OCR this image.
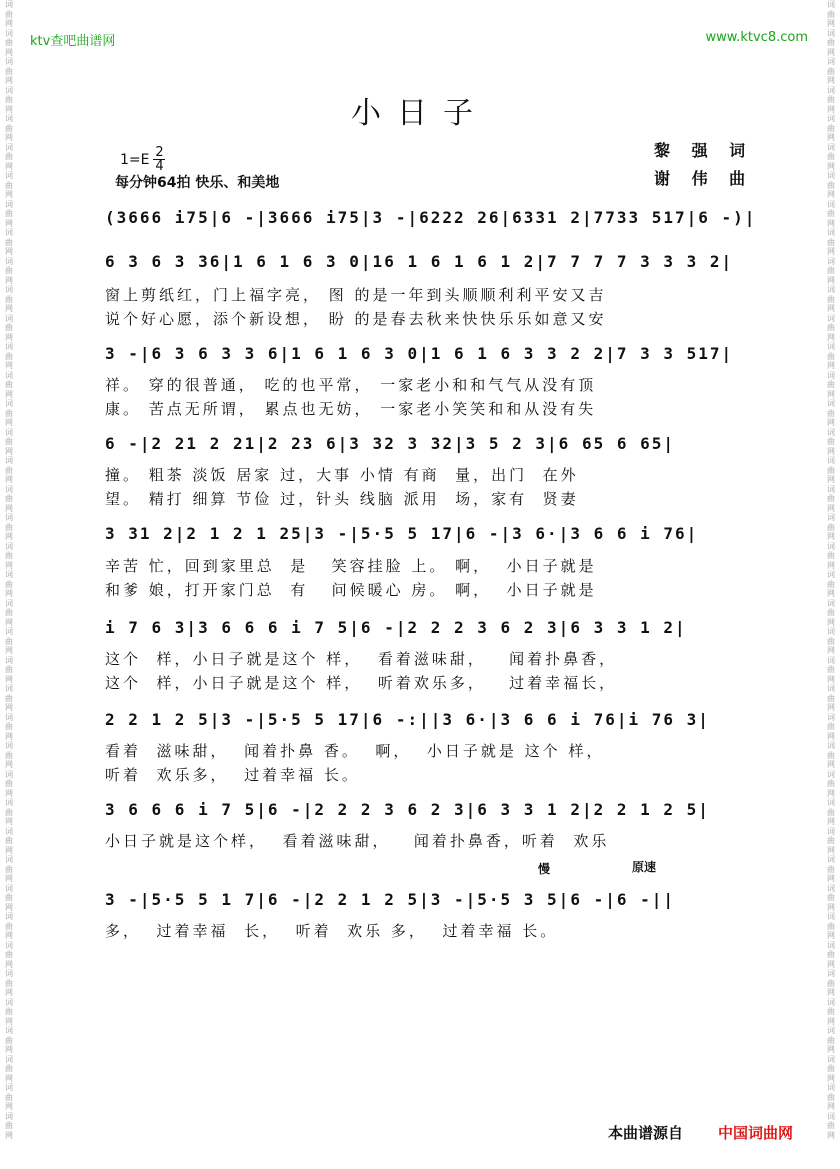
词曲网词曲网词曲网词曲网词曲网词曲网词曲网词曲网词曲网词曲网词曲网词曲网词曲网词曲网词曲网词曲网词曲网词曲网词曲网词曲网词曲网词曲网词曲网词曲网词曲网词曲网词曲网词曲网词曲网词曲网词曲网词曲网词曲网词曲网词曲网词曲网词曲网词曲网词曲网词曲网
词曲网词曲网词曲网词曲网词曲网词曲网词曲网词曲网词曲网词曲网词曲网词曲网词曲网词曲网词曲网词曲网词曲网词曲网词曲网词曲网词曲网词曲网词曲网词曲网词曲网词曲网词曲网词曲网词曲网词曲网词曲网词曲网词曲网词曲网词曲网词曲网词曲网词曲网词曲网词曲网
ktv查吧曲谱网	www.ktvc8.com
小日子
$1=E \frac{2}{4}$
每分钟64拍 快乐、和美地
黎 强 词
谢 伟 曲
(3666 i75|6 -|3666 i75|3 -|6222 26|6331 2|7733 517|6 -)|
6 3 6 3 36|1 6 1 6 3 0|16 1 6 1 6 1 2|7 7 7 7 3 3 3 2|
窗上剪纸红，门上福字亮， 图 的是一年到头顺顺利利平安又吉
说个好心愿，添个新设想， 盼 的是春去秋来快快乐乐如意又安
3 -|6 3 6 3 3 6|1 6 1 6 3 0|1 6 1 6 3 3 2 2|7 3 3 517|
祥。 穿的很普通， 吃的也平常， 一家老小和和气气从没有顶
康。 苦点无所谓， 累点也无妨， 一家老小笑笑和和从没有失
6 -|2 21 2 21|2 23 6|3 32 3 32|3 5 2 3|6 65 6 65|
撞。 粗茶 淡饭 居家 过，大事 小情 有商  量，出门  在外
望。 精打 细算 节俭 过，针头 线脑 派用  场，家有  贤妻
3 31 2|2 1 2 1 25|3 -|5·5 5 17|6 -|3 6·|3 6 6 i 76|
辛苦 忙，回到家里总  是   笑容挂脸 上。 啊，  小日子就是
和爹 娘，打开家门总  有   问候暖心 房。 啊，  小日子就是
i 7 6 3|3 6 6 6 i 7 5|6 -|2 2 2 3 6 2 3|6 3 3 1 2|
这个  样，小日子就是这个 样，  看着滋味甜，   闻着扑鼻香，
这个  样，小日子就是这个 样，  听着欢乐多，   过着幸福长，
2 2 1 2 5|3 -|5·5 5 17|6 -:||3 6·|3 6 6 i 76|i 76 3|
看着  滋味甜，  闻着扑鼻 香。  啊，  小日子就是 这个 样，
听着  欢乐多，  过着幸福 长。
3 6 6 6 i 7 5|6 -|2 2 2 3 6 2 3|6 3 3 1 2|2 2 1 2 5|
小日子就是这个样，  看着滋味甜，   闻着扑鼻香，听着  欢乐
慢	原速
3 -|5·5 5 1 7|6 -|2 2 1 2 5|3 -|5·5 3 5|6 -|6 -||
多，  过着幸福  长，  听着  欢乐 多，  过着幸福 长。
本曲谱源自 中国词曲网
